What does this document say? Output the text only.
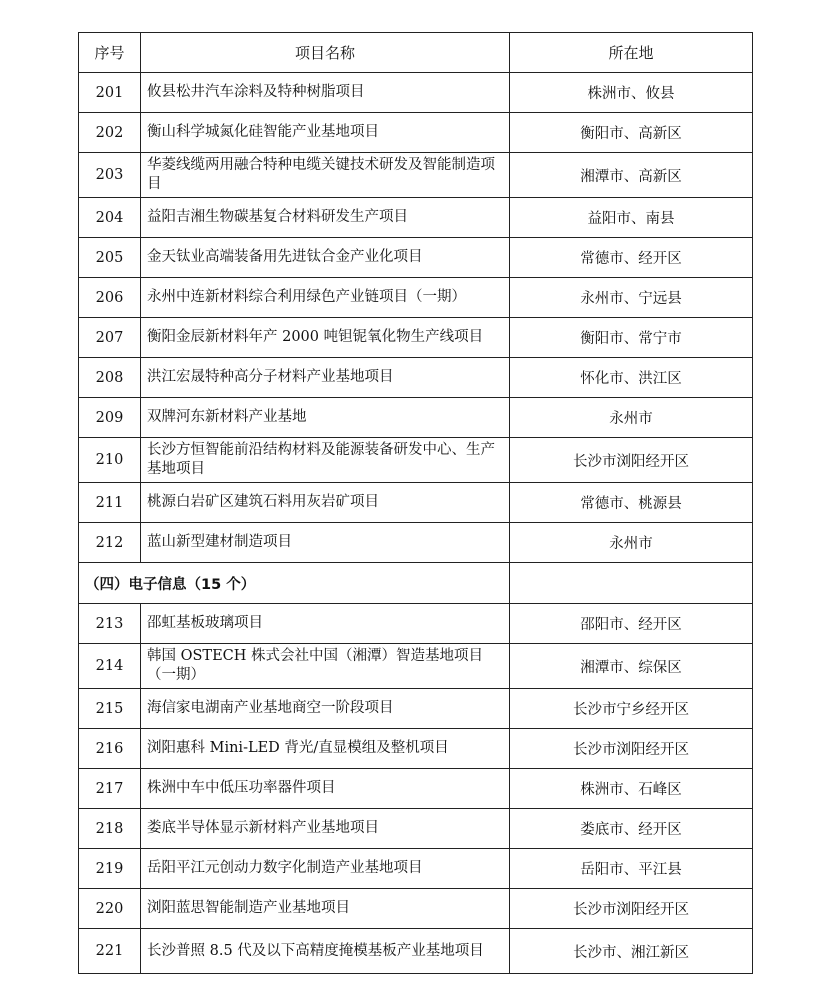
序号	项目名称	所在地
201	攸县松井汽车涂料及特种树脂项目	株洲市、攸县
202	衡山科学城氮化硅智能产业基地项目	衡阳市、高新区
203	华菱线缆两用融合特种电缆关键技术研发及智能制造项目	湘潭市、高新区
204	益阳吉湘生物碳基复合材料研发生产项目	益阳市、南县
205	金天钛业高端装备用先进钛合金产业化项目	常德市、经开区
206	永州中连新材料综合利用绿色产业链项目（一期）	永州市、宁远县
207	衡阳金辰新材料年产 2000 吨钽铌氧化物生产线项目	衡阳市、常宁市
208	洪江宏晟特种高分子材料产业基地项目	怀化市、洪江区
209	双牌河东新材料产业基地	永州市
210	长沙方恒智能前沿结构材料及能源装备研发中心、生产基地项目	长沙市浏阳经开区
211	桃源白岩矿区建筑石料用灰岩矿项目	常德市、桃源县
212	蓝山新型建材制造项目	永州市
（四）电子信息（15 个）		
213	邵虹基板玻璃项目	邵阳市、经开区
214	韩国 OSTECH 株式会社中国（湘潭）智造基地项目（一期）	湘潭市、综保区
215	海信家电湖南产业基地商空一阶段项目	长沙市宁乡经开区
216	浏阳惠科 Mini-LED 背光/直显模组及整机项目	长沙市浏阳经开区
217	株洲中车中低压功率器件项目	株洲市、石峰区
218	娄底半导体显示新材料产业基地项目	娄底市、经开区
219	岳阳平江元创动力数字化制造产业基地项目	岳阳市、平江县
220	浏阳蓝思智能制造产业基地项目	长沙市浏阳经开区
221	长沙普照 8.5 代及以下高精度掩模基板产业基地项目	长沙市、湘江新区
